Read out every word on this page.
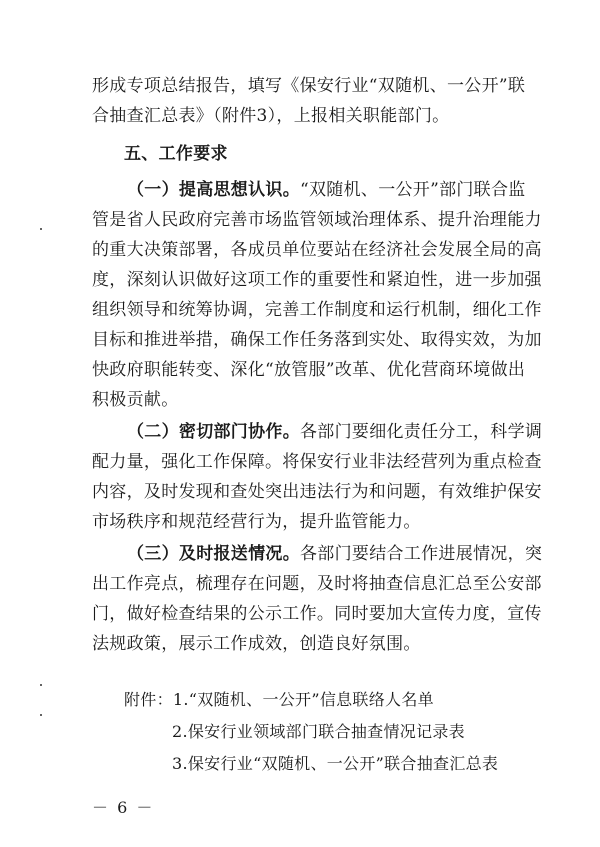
形成专项总结报告，填写《保安行业“双随机、一公开”联
合抽查汇总表》（附件3），上报相关职能部门。
五、工作要求
（一）提高思想认识。“双随机、一公开”部门联合监
管是省人民政府完善市场监管领域治理体系、提升治理能力
的重大决策部署，各成员单位要站在经济社会发展全局的高
度，深刻认识做好这项工作的重要性和紧迫性，进一步加强
组织领导和统筹协调，完善工作制度和运行机制，细化工作
目标和推进举措，确保工作任务落到实处、取得实效，为加
快政府职能转变、深化“放管服”改革、优化营商环境做出
积极贡献。
（二）密切部门协作。各部门要细化责任分工，科学调
配力量，强化工作保障。将保安行业非法经营列为重点检查
内容，及时发现和查处突出违法行为和问题，有效维护保安
市场秩序和规范经营行为，提升监管能力。
（三）及时报送情况。各部门要结合工作进展情况，突
出工作亮点，梳理存在问题，及时将抽查信息汇总至公安部
门，做好检查结果的公示工作。同时要加大宣传力度，宣传
法规政策，展示工作成效，创造良好氛围。
附件：1.“双随机、一公开”信息联络人名单
2.保安行业领域部门联合抽查情况记录表
3.保安行业“双随机、一公开”联合抽查汇总表
－ 6 －
